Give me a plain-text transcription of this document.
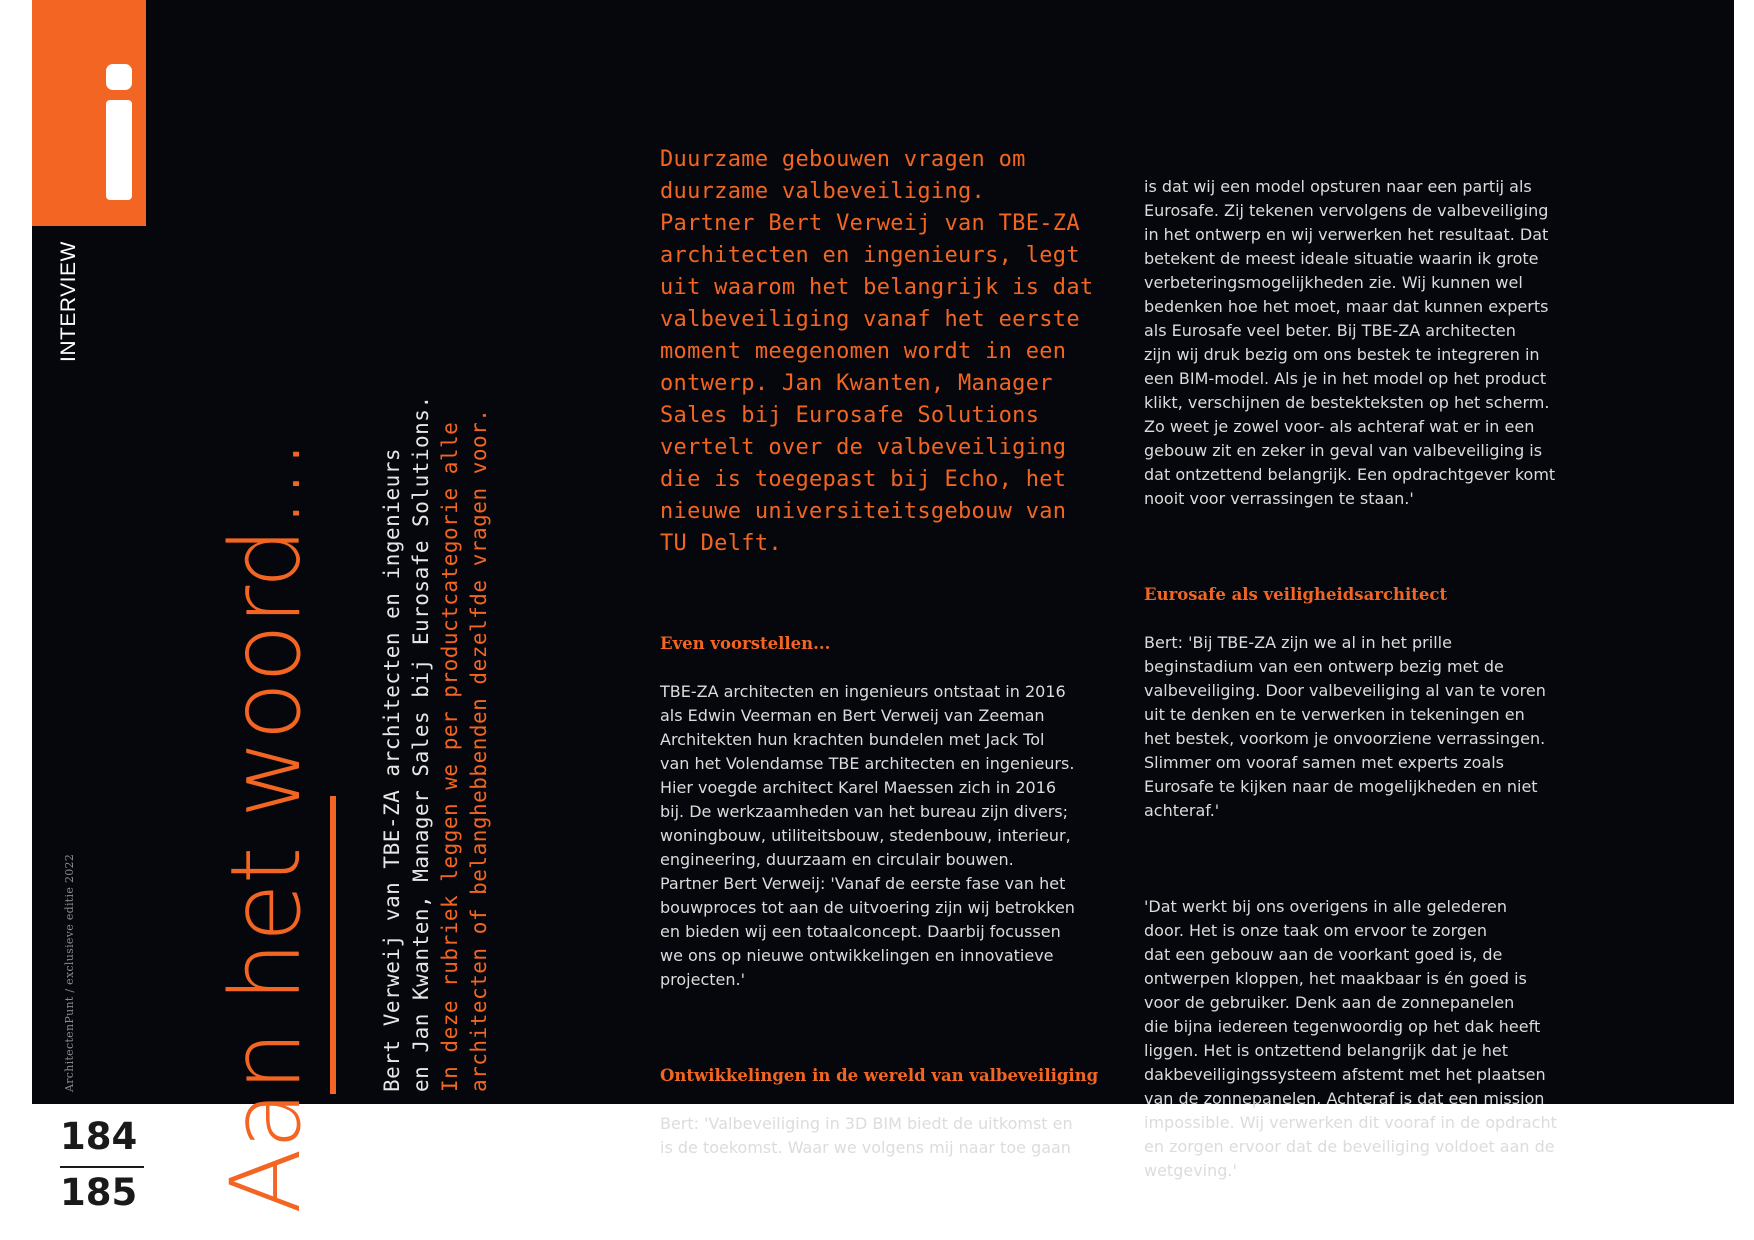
INTERVIEW
ArchitectenPunt / exclusieve editie 2022
184
185 Aan het woord...	Bert Verweij van TBE-ZA architecten en ingenieurs en Jan Kwanten, Manager Sales bij Eurosafe Solutions. In deze rubriek leggen we per productcategorie alle architecten of belanghebbenden dezelfde vragen voor.
Duurzame gebouwen vragen om
duurzame valbeveiliging.
Partner Bert Verweij van TBE-ZA
architecten en ingenieurs, legt
uit waarom het belangrijk is dat
valbeveiliging vanaf het eerste
moment meegenomen wordt in een
ontwerp. Jan Kwanten, Manager
Sales bij Eurosafe Solutions
vertelt over de valbeveiliging
die is toegepast bij Echo, het
nieuwe universiteitsgebouw van
TU Delft.

Even voorstellen...

TBE-ZA architecten en ingenieurs ontstaat in 2016
als Edwin Veerman en Bert Verweij van Zeeman
Architekten hun krachten bundelen met Jack Tol
van het Volendamse TBE architecten en ingenieurs.
Hier voegde architect Karel Maessen zich in 2016
bij. De werkzaamheden van het bureau zijn divers;
woningbouw, utiliteitsbouw, stedenbouw, interieur,
engineering, duurzaam en circulair bouwen.
Partner Bert Verweij: 'Vanaf de eerste fase van het
bouwproces tot aan de uitvoering zijn wij betrokken
en bieden wij een totaalconcept. Daarbij focussen
we ons op nieuwe ontwikkelingen en innovatieve
projecten.'

Ontwikkelingen in de wereld van valbeveiliging

Bert: 'Valbeveiliging in 3D BIM biedt de uitkomst en
is de toekomst. Waar we volgens mij naar toe gaan

is dat wij een model opsturen naar een partij als
Eurosafe. Zij tekenen vervolgens de valbeveiliging
in het ontwerp en wij verwerken het resultaat. Dat
betekent de meest ideale situatie waarin ik grote
verbeteringsmogelijkheden zie. Wij kunnen wel
bedenken hoe het moet, maar dat kunnen experts
als Eurosafe veel beter. Bij TBE-ZA architecten
zijn wij druk bezig om ons bestek te integreren in
een BIM-model. Als je in het model op het product
klikt, verschijnen de bestekteksten op het scherm.
Zo weet je zowel voor- als achteraf wat er in een
gebouw zit en zeker in geval van valbeveiliging is
dat ontzettend belangrijk. Een opdrachtgever komt
nooit voor verrassingen te staan.'

Eurosafe als veiligheidsarchitect

Bert: 'Bij TBE-ZA zijn we al in het prille
beginstadium van een ontwerp bezig met de
valbeveiliging. Door valbeveiliging al van te voren
uit te denken en te verwerken in tekeningen en
het bestek, voorkom je onvoorziene verrassingen.
Slimmer om vooraf samen met experts zoals
Eurosafe te kijken naar de mogelijkheden en niet
achteraf.'

'Dat werkt bij ons overigens in alle gelederen
door. Het is onze taak om ervoor te zorgen
dat een gebouw aan de voorkant goed is, de
ontwerpen kloppen, het maakbaar is én goed is
voor de gebruiker. Denk aan de zonnepanelen
die bijna iedereen tegenwoordig op het dak heeft
liggen. Het is ontzettend belangrijk dat je het
dakbeveiligingssysteem afstemt met het plaatsen
van de zonnepanelen. Achteraf is dat een mission
impossible. Wij verwerken dit vooraf in de opdracht
en zorgen ervoor dat de beveiliging voldoet aan de
wetgeving.'
